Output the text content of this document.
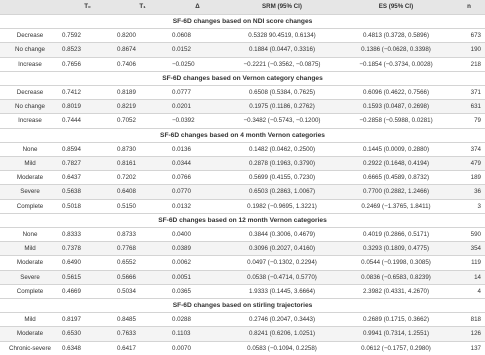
	T₀	T₁	Δ	SRM (95% CI)	ES (95% CI)	n
SF-6D changes based on NDI score changes						
Decrease	0.7592	0.8200	0.0608	0.5328 90.4519, 0.6134)	0.4813 (0.3728, 0.5896)	673
No change	0.8523	0.8674	0.0152	0.1884 (0.0447, 0.3316)	0.1386 (−0.0628, 0.3398)	190
Increase	0.7656	0.7406	−0.0250	−0.2221 (−0.3562, −0.0875)	−0.1854 (−0.3734, 0.0028)	218
SF-6D changes based on Vernon category changes						
Decrease	0.7412	0.8189	0.0777	0.6508 (0.5384, 0.7625)	0.6096 (0.4622, 0.7566)	371
No change	0.8019	0.8219	0.0201	0.1975 (0.1186, 0.2762)	0.1593 (0.0487, 0.2698)	631
Increase	0.7444	0.7052	−0.0392	−0.3482 (−0.5743, −0.1200)	−0.2858 (−0.5988, 0.0281)	79
SF-6D changes based on 4 month Vernon categories						
None	0.8594	0.8730	0.0136	0.1482 (0.0462, 0.2500)	0.1445 (0.0009, 0.2880)	374
Mild	0.7827	0.8161	0.0344	0.2878 (0.1963, 0.3790)	0.2922 (0.1648, 0.4194)	479
Moderate	0.6437	0.7202	0.0766	0.5699 (0.4155, 0.7230)	0.6665 (0.4589, 0.8732)	189
Severe	0.5638	0.6408	0.0770	0.6503 (0.2863, 1.0067)	0.7700 (0.2882, 1.2466)	36
Complete	0.5018	0.5150	0.0132	0.1982 (−0.9695, 1.3221)	0.2469 (−1.3765, 1.8411)	3
SF-6D changes based on 12 month Vernon categories						
None	0.8333	0.8733	0.0400	0.3844 (0.3006, 0.4679)	0.4019 (0.2866, 0.5171)	590
Mild	0.7378	0.7768	0.0389	0.3096 (0.2027, 0.4160)	0.3293 (0.1809, 0.4775)	354
Moderate	0.6490	0.6552	0.0062	0.0497 (−0.1302, 0.2294)	0.0544 (−0.1998, 0.3085)	119
Severe	0.5615	0.5666	0.0051	0.0538 (−0.4714, 0.5770)	0.0836 (−0.6583, 0.8239)	14
Complete	0.4669	0.5034	0.0365	1.9333 (0.1445, 3.6664)	2.3982 (0.4331, 4.2670)	4
SF-6D changes based on stirling trajectories						
Mild	0.8197	0.8485	0.0288	0.2746 (0.2047, 0.3443)	0.2689 (0.1715, 0.3662)	818
Moderate	0.6530	0.7633	0.1103	0.8241 (0.6206, 1.0251)	0.9941 (0.7314, 1.2551)	126
Chronic-severe	0.6348	0.6417	0.0070	0.0583 (−0.1094, 0.2258)	0.0612 (−0.1757, 0.2980)	137
